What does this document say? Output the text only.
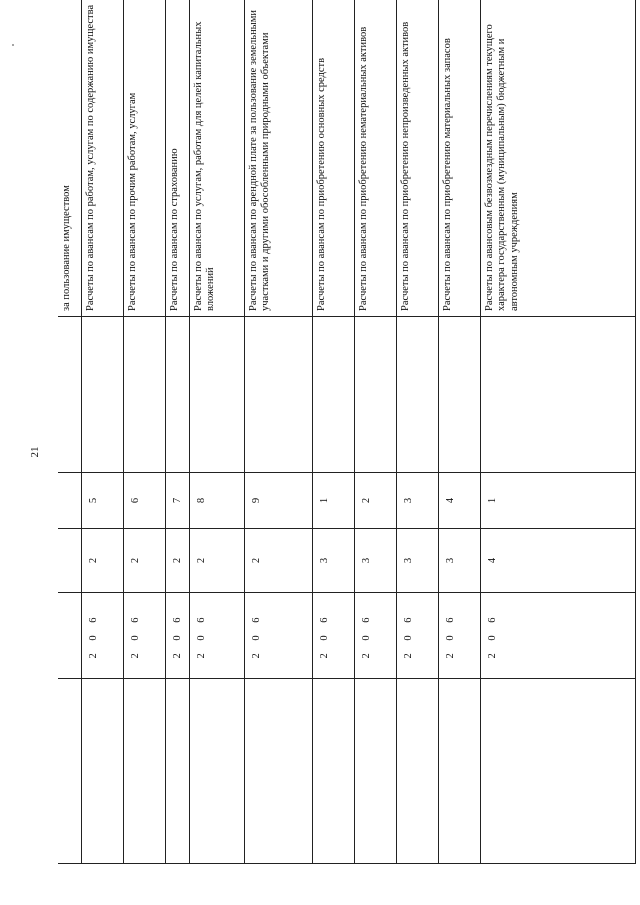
21
					за пользование имуществом
	2 0 6	2	5		Расчеты по авансам по работам, услугам по содержанию имущества
	2 0 6	2	6		Расчеты по авансам по прочим работам, услугам
	2 0 6	2	7		Расчеты по авансам по страхованию
	2 0 6	2	8		Расчеты по авансам по услугам, работам для целей капитальных вложений
	2 0 6	2	9		Расчеты по авансам по арендной плате за пользование земельными участками и другими обособленными природными объектами
	2 0 6	3	1		Расчеты по авансам по приобретению основных средств
	2 0 6	3	2		Расчеты по авансам по приобретению нематериальных активов
	2 0 6	3	3		Расчеты по авансам по приобретению непроизведенных активов
	2 0 6	3	4		Расчеты по авансам по приобретению материальных запасов
	2 0 6	4	1		Расчеты по авансовым безвозмездным перечислениям текущего характера государственным (муниципальным) бюджетным и автономным учреждениям
